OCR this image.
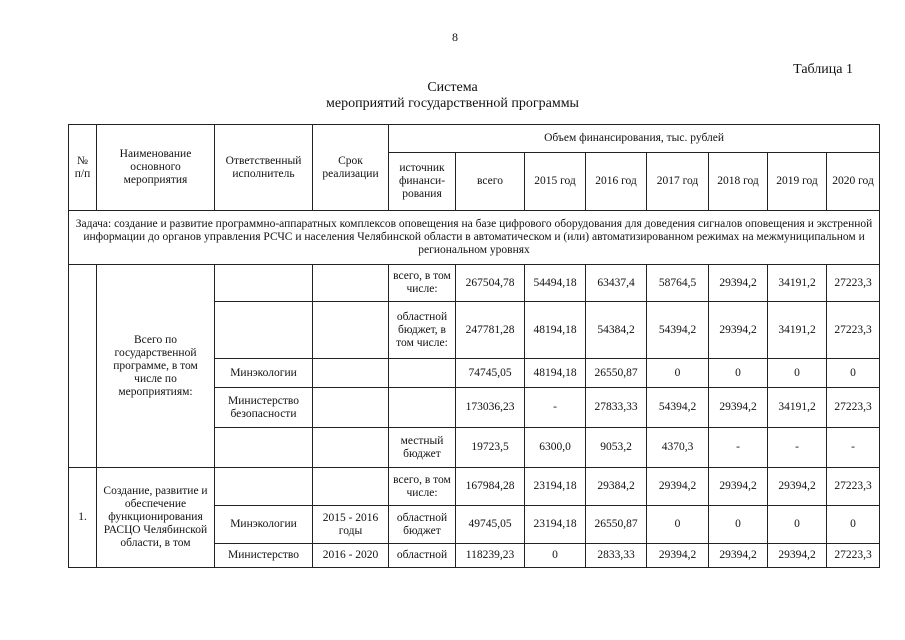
8
Таблица 1
Система
мероприятий государственной программы
№ п/п	Наименование основного мероприятия	Ответственный исполнитель	Срок реализации	Объем финансирования, тыс. рублей							
				источник финанси-рования	всего	2015 год	2016 год	2017 год	2018 год	2019 год	2020 год
Задача: создание и развитие программно-аппаратных комплексов оповещения на базе цифрового оборудования для доведения сигналов оповещения и экстренной информации до органов управления РСЧС и населения Челябинской области в автоматическом и (или) автоматизированном режимах на межмуниципальном и региональном уровнях											
	Всего по государственной программе, в том числе по мероприятиям:			всего, в том числе:	267504,78	54494,18	63437,4	58764,5	29394,2	34191,2	27223,3
				областной бюджет, в том числе:	247781,28	48194,18	54384,2	54394,2	29394,2	34191,2	27223,3
		Минэкологии			74745,05	48194,18	26550,87	0	0	0	0
		Министерство безопасности			173036,23	-	27833,33	54394,2	29394,2	34191,2	27223,3
				местный бюджет	19723,5	6300,0	9053,2	4370,3	-	-	-
1.	Создание, развитие и обеспечение функционирования РАСЦО Челябинской области, в том			всего, в том числе:	167984,28	23194,18	29384,2	29394,2	29394,2	29394,2	27223,3
		Минэкологии	2015 - 2016 годы	областной бюджет	49745,05	23194,18	26550,87	0	0	0	0
		Министерство	2016 - 2020	областной	118239,23	0	2833,33	29394,2	29394,2	29394,2	27223,3
